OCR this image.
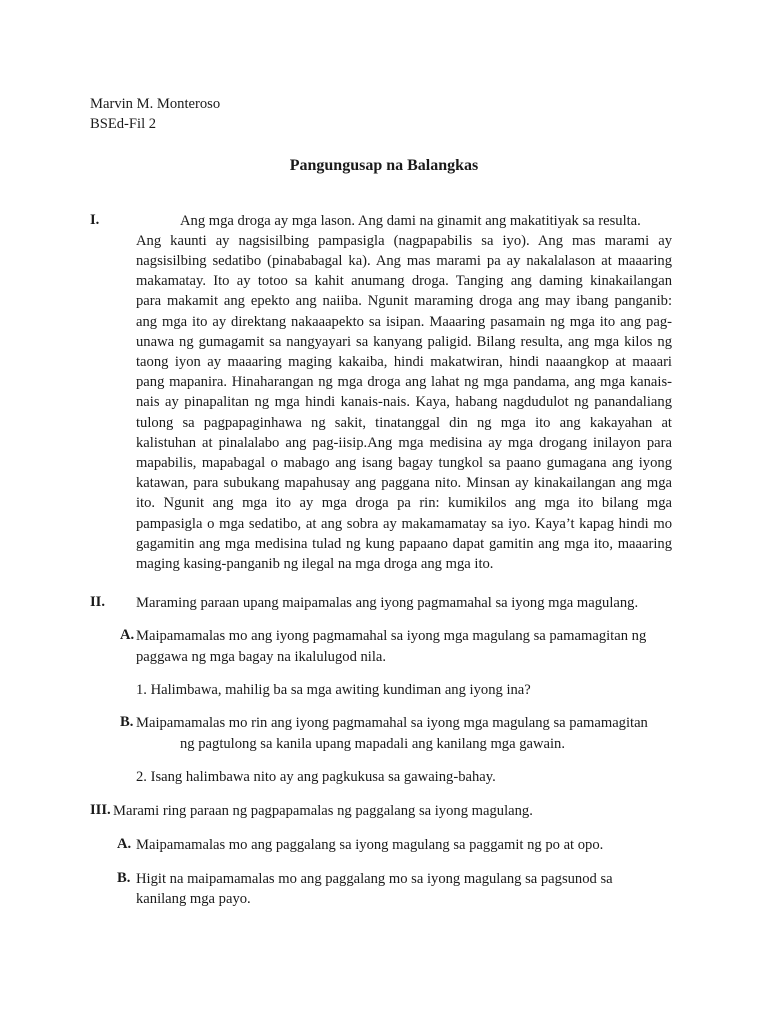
Marvin M. Monteroso
BSEd-Fil 2
Pangungusap na Balangkas
I.	Ang mga droga ay mga lason. Ang dami na ginamit ang makatitiyak sa resulta.
Ang kaunti ay nagsisilbing pampasigla (nagpapabilis sa iyo). Ang mas marami ay
nagsisilbing sedatibo (pinababagal ka). Ang mas marami pa ay nakalalason at maaaring
makamatay. Ito ay totoo sa kahit anumang droga. Tanging ang daming kinakailangan
para makamit ang epekto ang naiiba. Ngunit maraming droga ang may ibang panganib:
ang mga ito ay direktang nakaaapekto sa isipan. Maaaring pasamain ng mga ito ang pag-
unawa ng gumagamit sa nangyayari sa kanyang paligid. Bilang resulta, ang mga kilos ng
taong iyon ay maaaring maging kakaiba, hindi makatwiran, hindi naaangkop at maaari
pang mapanira. Hinaharangan ng mga droga ang lahat ng mga pandama, ang mga kanais-
nais ay pinapalitan ng mga hindi kanais-nais. Kaya, habang nagdudulot ng panandaliang
tulong sa pagpapaginhawa ng sakit, tinatanggal din ng mga ito ang kakayahan at
kalistuhan at pinalalabo ang pag-iisip.Ang mga medisina ay mga drogang inilayon para
mapabilis, mapabagal o mabago ang isang bagay tungkol sa paano gumagana ang iyong
katawan, para subukang mapahusay ang paggana nito. Minsan ay kinakailangan ang mga
ito. Ngunit ang mga ito ay mga droga pa rin: kumikilos ang mga ito bilang mga
pampasigla o mga sedatibo, at ang sobra ay makamamatay sa iyo. Kaya’t kapag hindi mo
gagamitin ang mga medisina tulad ng kung papaano dapat gamitin ang mga ito, maaaring
maging kasing-panganib ng ilegal na mga droga ang mga ito.
II. Maraming paraan upang maipamalas ang iyong pagmamahal sa iyong mga magulang.
A. Maipamamalas mo ang iyong pagmamahal sa iyong mga magulang sa pamamagitan ng
paggawa ng mga bagay na ikalulugod nila.
1. Halimbawa, mahilig ba sa mga awiting kundiman ang iyong ina?
B. Maipamamalas mo rin ang iyong pagmamahal sa iyong mga magulang sa pamamagitan
ng pagtulong sa kanila upang mapadali ang kanilang mga gawain.
2. Isang halimbawa nito ay ang pagkukusa sa gawaing-bahay.
III. Marami ring paraan ng pagpapamalas ng paggalang sa iyong magulang.
A. Maipamamalas mo ang paggalang sa iyong magulang sa paggamit ng po at opo.
B. Higit na maipamamalas mo ang paggalang mo sa iyong magulang sa pagsunod sa
kanilang mga payo.
